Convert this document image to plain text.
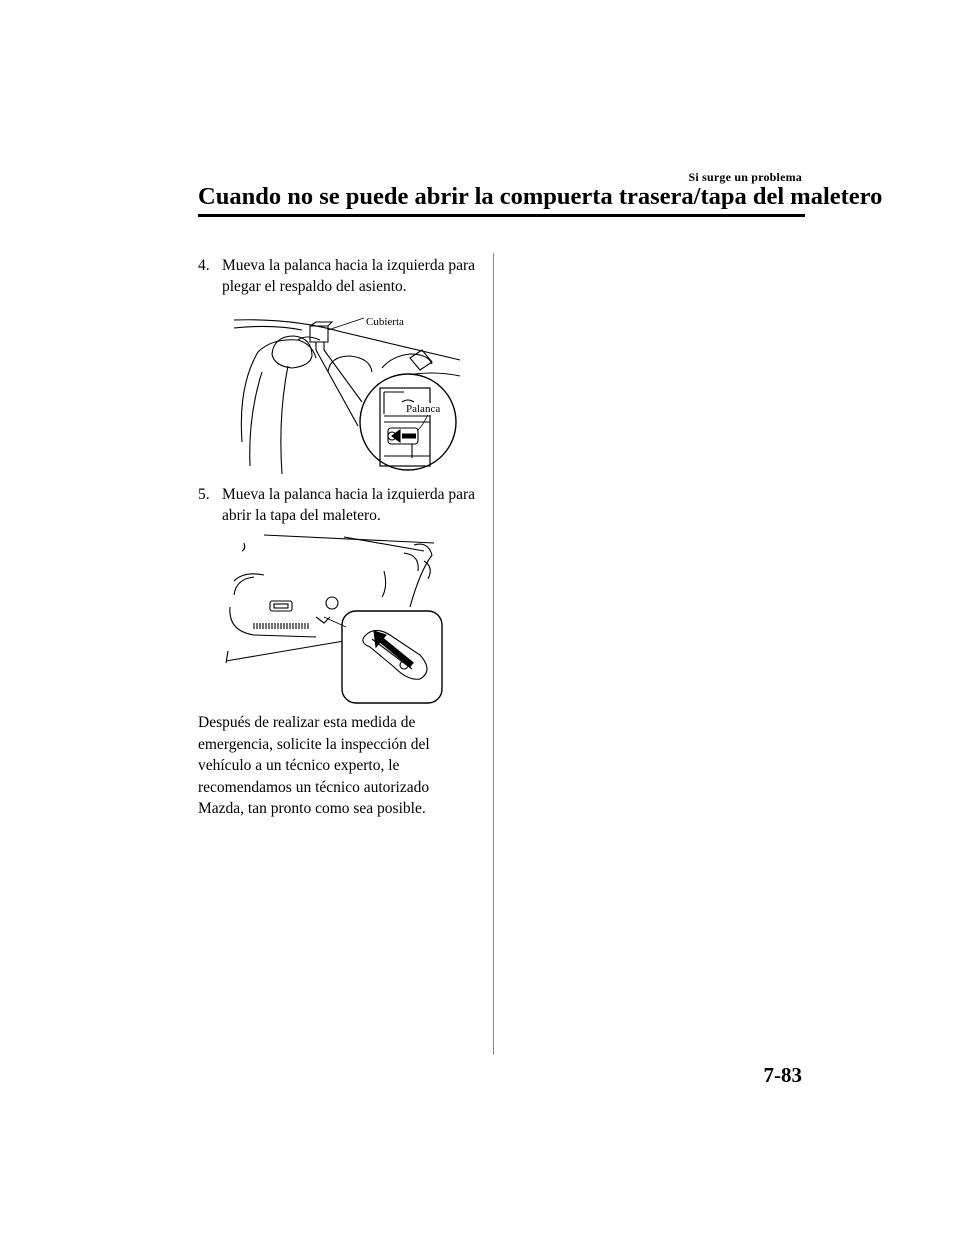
Si surge un problema
Cuando no se puede abrir la compuerta trasera/tapa del maletero
4. Mueva la palanca hacia la izquierda para plegar el respaldo del asiento.
Cubierta
Palanca
5. Mueva la palanca hacia la izquierda para abrir la tapa del maletero.
Después de realizar esta medida de emergencia, solicite la inspección del vehículo a un técnico experto, le recomendamos un técnico autorizado Mazda, tan pronto como sea posible.
7-83
